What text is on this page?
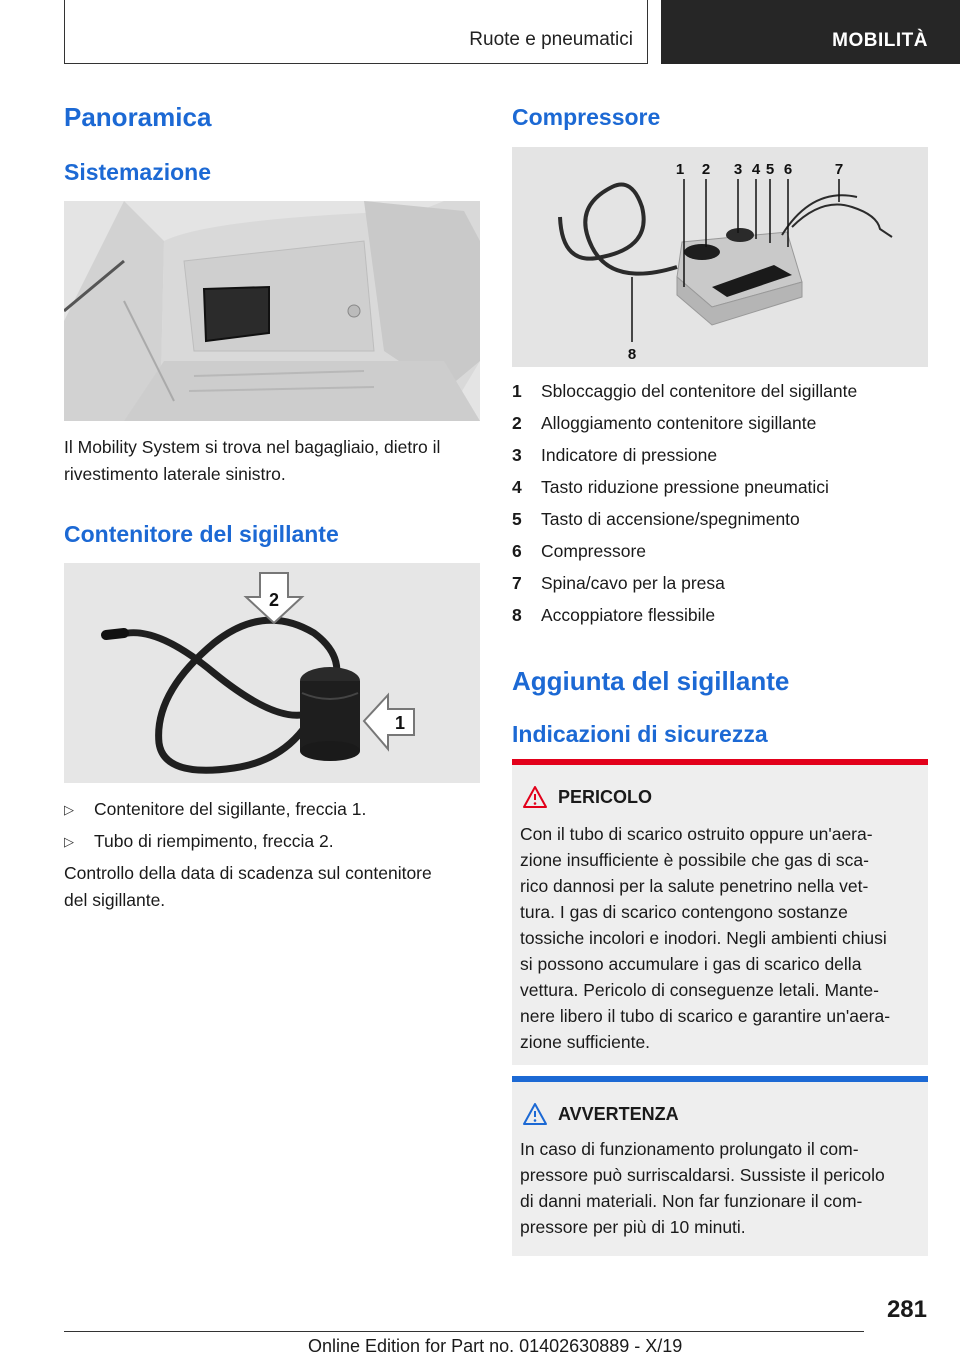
Ruote e pneumatici	MOBILITÀ
Panoramica
Sistemazione

Il Mobility System si trova nel bagagliaio, dietro il
rivestimento laterale sinistro.

Contenitore del sigillante
2
1
▷ Contenitore del sigillante, freccia 1.
▷ Tubo di riempimento, freccia 2.

Controllo della data di scadenza sul contenitore
del sigillante.

Compressore
1 2 3 4 5 6	7
8
1	Sbloccaggio del contenitore del sigillante
2	Alloggiamento contenitore sigillante
3	Indicatore di pressione
4	Tasto riduzione pressione pneumatici
5	Tasto di accensione/spegnimento
6	Compressore
7	Spina/cavo per la presa
8	Accoppiatore flessibile
Aggiunta del sigillante
Indicazioni di sicurezza
PERICOLO
Con il tubo di scarico ostruito oppure un'aera-
zione insufficiente è possibile che gas di sca-
rico dannosi per la salute penetrino nella vet-
tura. I gas di scarico contengono sostanze
tossiche incolori e inodori. Negli ambienti chiusi
si possono accumulare i gas di scarico della
vettura. Pericolo di conseguenze letali. Mante-
nere libero il tubo di scarico e garantire un'aera-
zione sufficiente.
AVVERTENZA
In caso di funzionamento prolungato il com-
pressore può surriscaldarsi. Sussiste il pericolo
di danni materiali. Non far funzionare il com-
pressore per più di 10 minuti.
281
Online Edition for Part no. 01402630889 - X/19
